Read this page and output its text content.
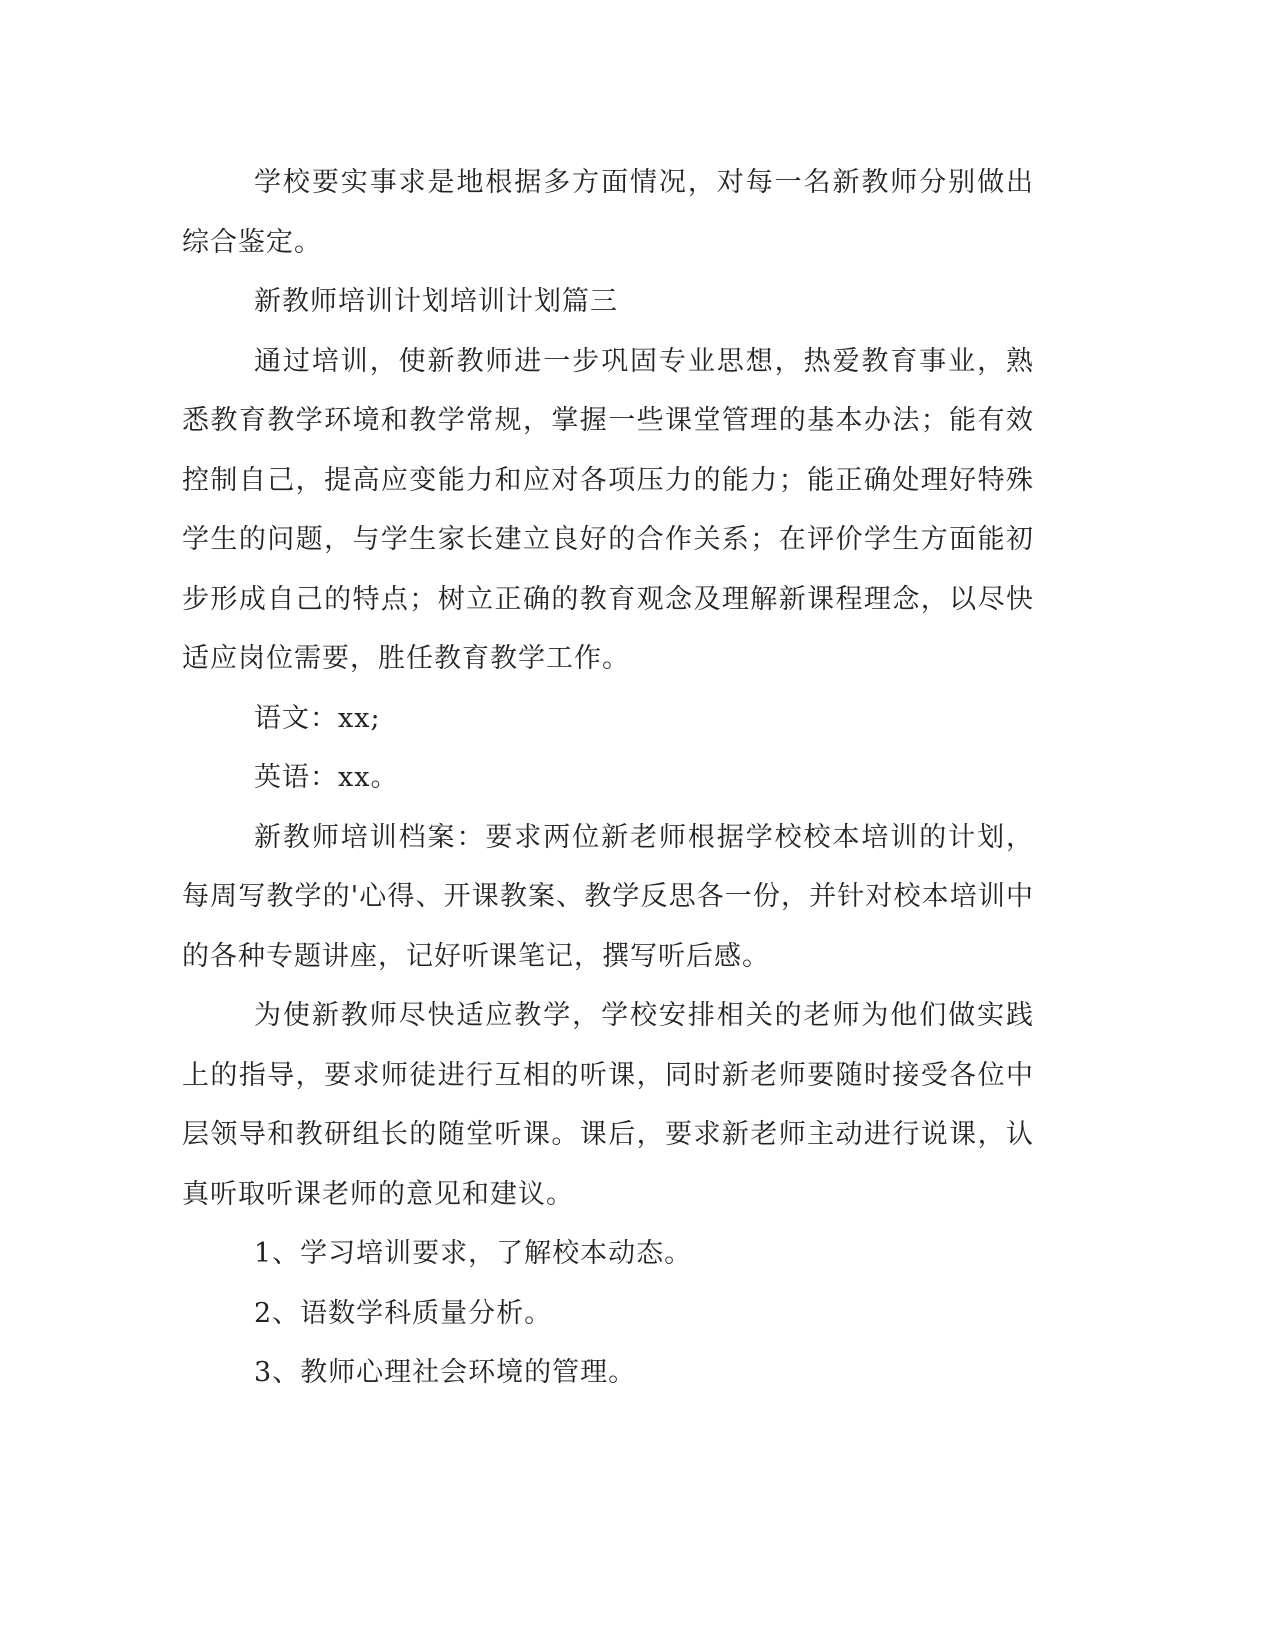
学校要实事求是地根据多方面情况，对每一名新教师分别做出综合鉴定。

新教师培训计划培训计划篇三

通过培训，使新教师进一步巩固专业思想，热爱教育事业，熟悉教育教学环境和教学常规，掌握一些课堂管理的基本办法；能有效控制自己，提高应变能力和应对各项压力的能力；能正确处理好特殊学生的问题，与学生家长建立良好的合作关系；在评价学生方面能初步形成自己的特点；树立正确的教育观念及理解新课程理念，以尽快适应岗位需要，胜任教育教学工作。

语文：xx;

英语：xx。

新教师培训档案：要求两位新老师根据学校校本培训的计划，每周写教学的'心得、开课教案、教学反思各一份，并针对校本培训中的各种专题讲座，记好听课笔记，撰写听后感。

为使新教师尽快适应教学，学校安排相关的老师为他们做实践上的指导，要求师徒进行互相的听课，同时新老师要随时接受各位中层领导和教研组长的随堂听课。课后，要求新老师主动进行说课，认真听取听课老师的意见和建议。

1、学习培训要求，了解校本动态。

2、语数学科质量分析。

3、教师心理社会环境的管理。
